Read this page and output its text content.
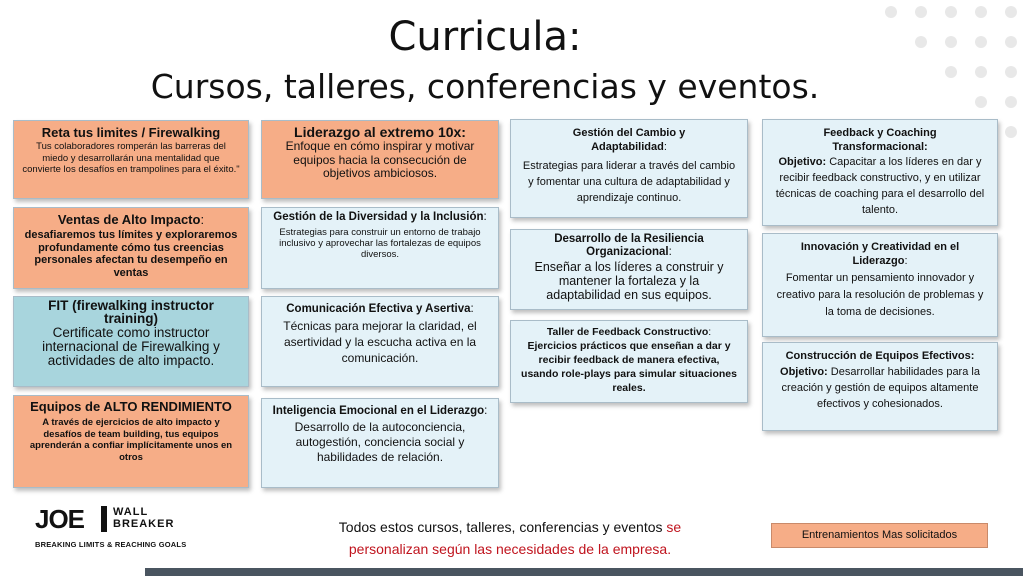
Curricula:
Cursos, talleres, conferencias y eventos.
Reta tus limites / Firewalking
Tus colaboradores romperán las barreras del miedo y desarrollarán una mentalidad que convierte los desafíos en trampolines para el éxito."
Ventas de Alto Impacto:
desafiaremos tus límites y exploraremos profundamente cómo tus creencias personales afectan tu desempeño en ventas
FIT (firewalking instructor training)
Certificate como instructor internacional de Firewalking y actividades de alto impacto.
Equipos de ALTO RENDIMIENTO
A través de ejercicios de alto impacto y desafíos de team building, tus equipos aprenderán a confiar implícitamente unos en otros
Liderazgo al extremo 10x:
Enfoque en cómo inspirar y motivar equipos hacia la consecución de objetivos ambiciosos.
Gestión de la Diversidad y la Inclusión:
Estrategias para construir un entorno de trabajo inclusivo y aprovechar las fortalezas de equipos diversos.
Comunicación Efectiva y Asertiva:
Técnicas para mejorar la claridad, el asertividad y la escucha activa en la comunicación.
Inteligencia Emocional en el Liderazgo:
Desarrollo de la autoconciencia, autogestión, conciencia social y habilidades de relación.
Gestión del Cambio y Adaptabilidad:
Estrategias para liderar a través del cambio y fomentar una cultura de adaptabilidad y aprendizaje continuo.
Desarrollo de la Resiliencia Organizacional:
Enseñar a los líderes a construir y mantener la fortaleza y la adaptabilidad en sus equipos.
Taller de Feedback Constructivo:
Ejercicios prácticos que enseñan a dar y recibir feedback de manera efectiva, usando role-plays para simular situaciones reales.
Feedback y Coaching Transformacional:
Objetivo: Capacitar a los líderes en dar y recibir feedback constructivo, y en utilizar técnicas de coaching para el desarrollo del talento.
Innovación y Creatividad en el Liderazgo:
Fomentar un pensamiento innovador y creativo para la resolución de problemas y la toma de decisiones.
Construcción de Equipos Efectivos:
Objetivo: Desarrollar habilidades para la creación y gestión de equipos altamente efectivos y cohesionados.
JOE	WALL
BREAKER
BREAKING LIMITS & REACHING GOALS
Todos estos cursos, talleres, conferencias y eventos se personalizan según las necesidades de la empresa.
Entrenamientos Mas solicitados
